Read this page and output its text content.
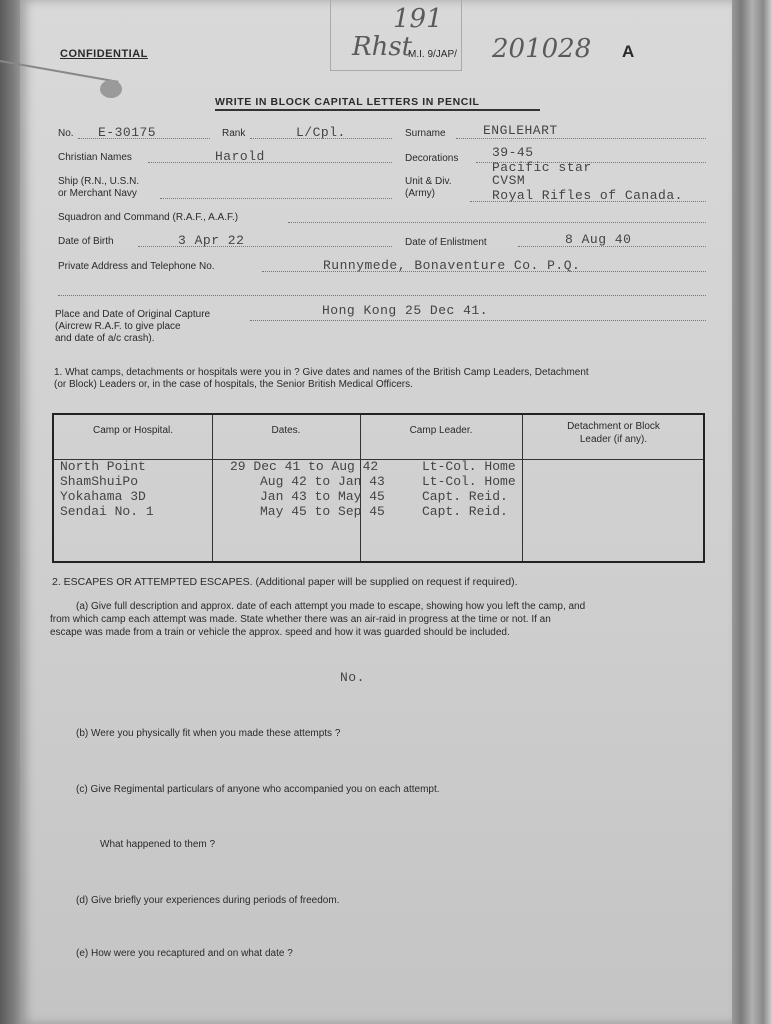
CONFIDENTIAL
191
Rhst
M.I. 9/JAP/ 201028 A
WRITE IN BLOCK CAPITAL LETTERS IN PENCIL
No. E-30175	Rank	L/Cpl.	Surname	ENGLEHART
Christian Names	Harold	Decorations	39-45
Pacific star
Ship (R.N., U.S.N.
or Merchant Navy
Unit & Div.
(Army)
CVSM
Royal Rifles of Canada.
Squadron and Command (R.A.F., A.A.F.)
Date of Birth	3 Apr 22	Date of Enlistment	8 Aug 40
Private Address and Telephone No.	Runnymede, Bonaventure Co. P.Q.
Place and Date of Original Capture
(Aircrew R.A.F. to give place
and date of a/c crash).
Hong Kong 25 Dec 41.
1. What camps, detachments or hospitals were you in ? Give dates and names of the British Camp Leaders, Detachment
(or Block) Leaders or, in the case of hospitals, the Senior British Medical Officers.
Camp or Hospital.	Dates.	Camp Leader.	Detachment or Block
Leader (if any).
North Point	29 Dec 41 to Aug 42	Lt-Col. Home
ShamShuiPo	Aug 42 to Jan 43	Lt-Col. Home
Yokahama 3D	Jan 43 to May 45	Capt. Reid.
Sendai No. 1	May 45 to Sep 45	Capt. Reid.
2. ESCAPES OR ATTEMPTED ESCAPES. (Additional paper will be supplied on request if required).
(a) Give full description and approx. date of each attempt you made to escape, showing how you left the camp, and
from which camp each attempt was made. State whether there was an air-raid in progress at the time or not. If an
escape was made from a train or vehicle the approx. speed and how it was guarded should be included.
No.
(b) Were you physically fit when you made these attempts ?
(c) Give Regimental particulars of anyone who accompanied you on each attempt.
What happened to them ?
(d) Give briefly your experiences during periods of freedom.
(e) How were you recaptured and on what date ?
